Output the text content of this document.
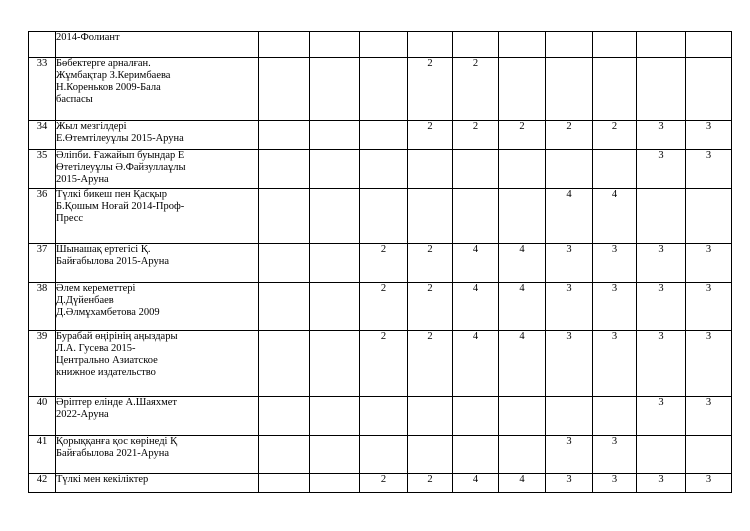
	2014-Фолиант										
33	Бөбектерге арналған.
Жұмбақтар З.Керимбаева
Н.Кореньков 2009-Бала
баспасы				2	2					
34	Жыл мезгілдері
Е.Өтемтілеуұлы 2015-Аруна				2	2	2	2	2	3	3
35	Әліпби. Ғажайып буындар Е
Өтетілеуұлы Ә.Файзуллаұлы
2015-Аруна									3	3
36	Түлкі бикеш пен Қасқыр
Б.Қошым Ноғай 2014-Проф-
Пресс							4	4		
37	Шынашақ ертегісі Қ.
Байғабылова 2015-Аруна			2	2	4	4	3	3	3	3
38	Әлем кереметтері
Д.Дүйенбаев
Д.Әлмұхамбетова 2009			2	2	4	4	3	3	3	3
39	Бурабай өңірінің аңыздары
Л.А. Гусева 2015-
Центрально Азиатское
книжное издательство			2	2	4	4	3	3	3	3
40	Әріптер елінде А.Шаяхмет
2022-Аруна									3	3
41	Қорыққанға қос көрінеді Қ
Байғабылова 2021-Аруна							3	3		
42	Түлкі мен кекіліктер			2	2	4	4	3	3	3	3
